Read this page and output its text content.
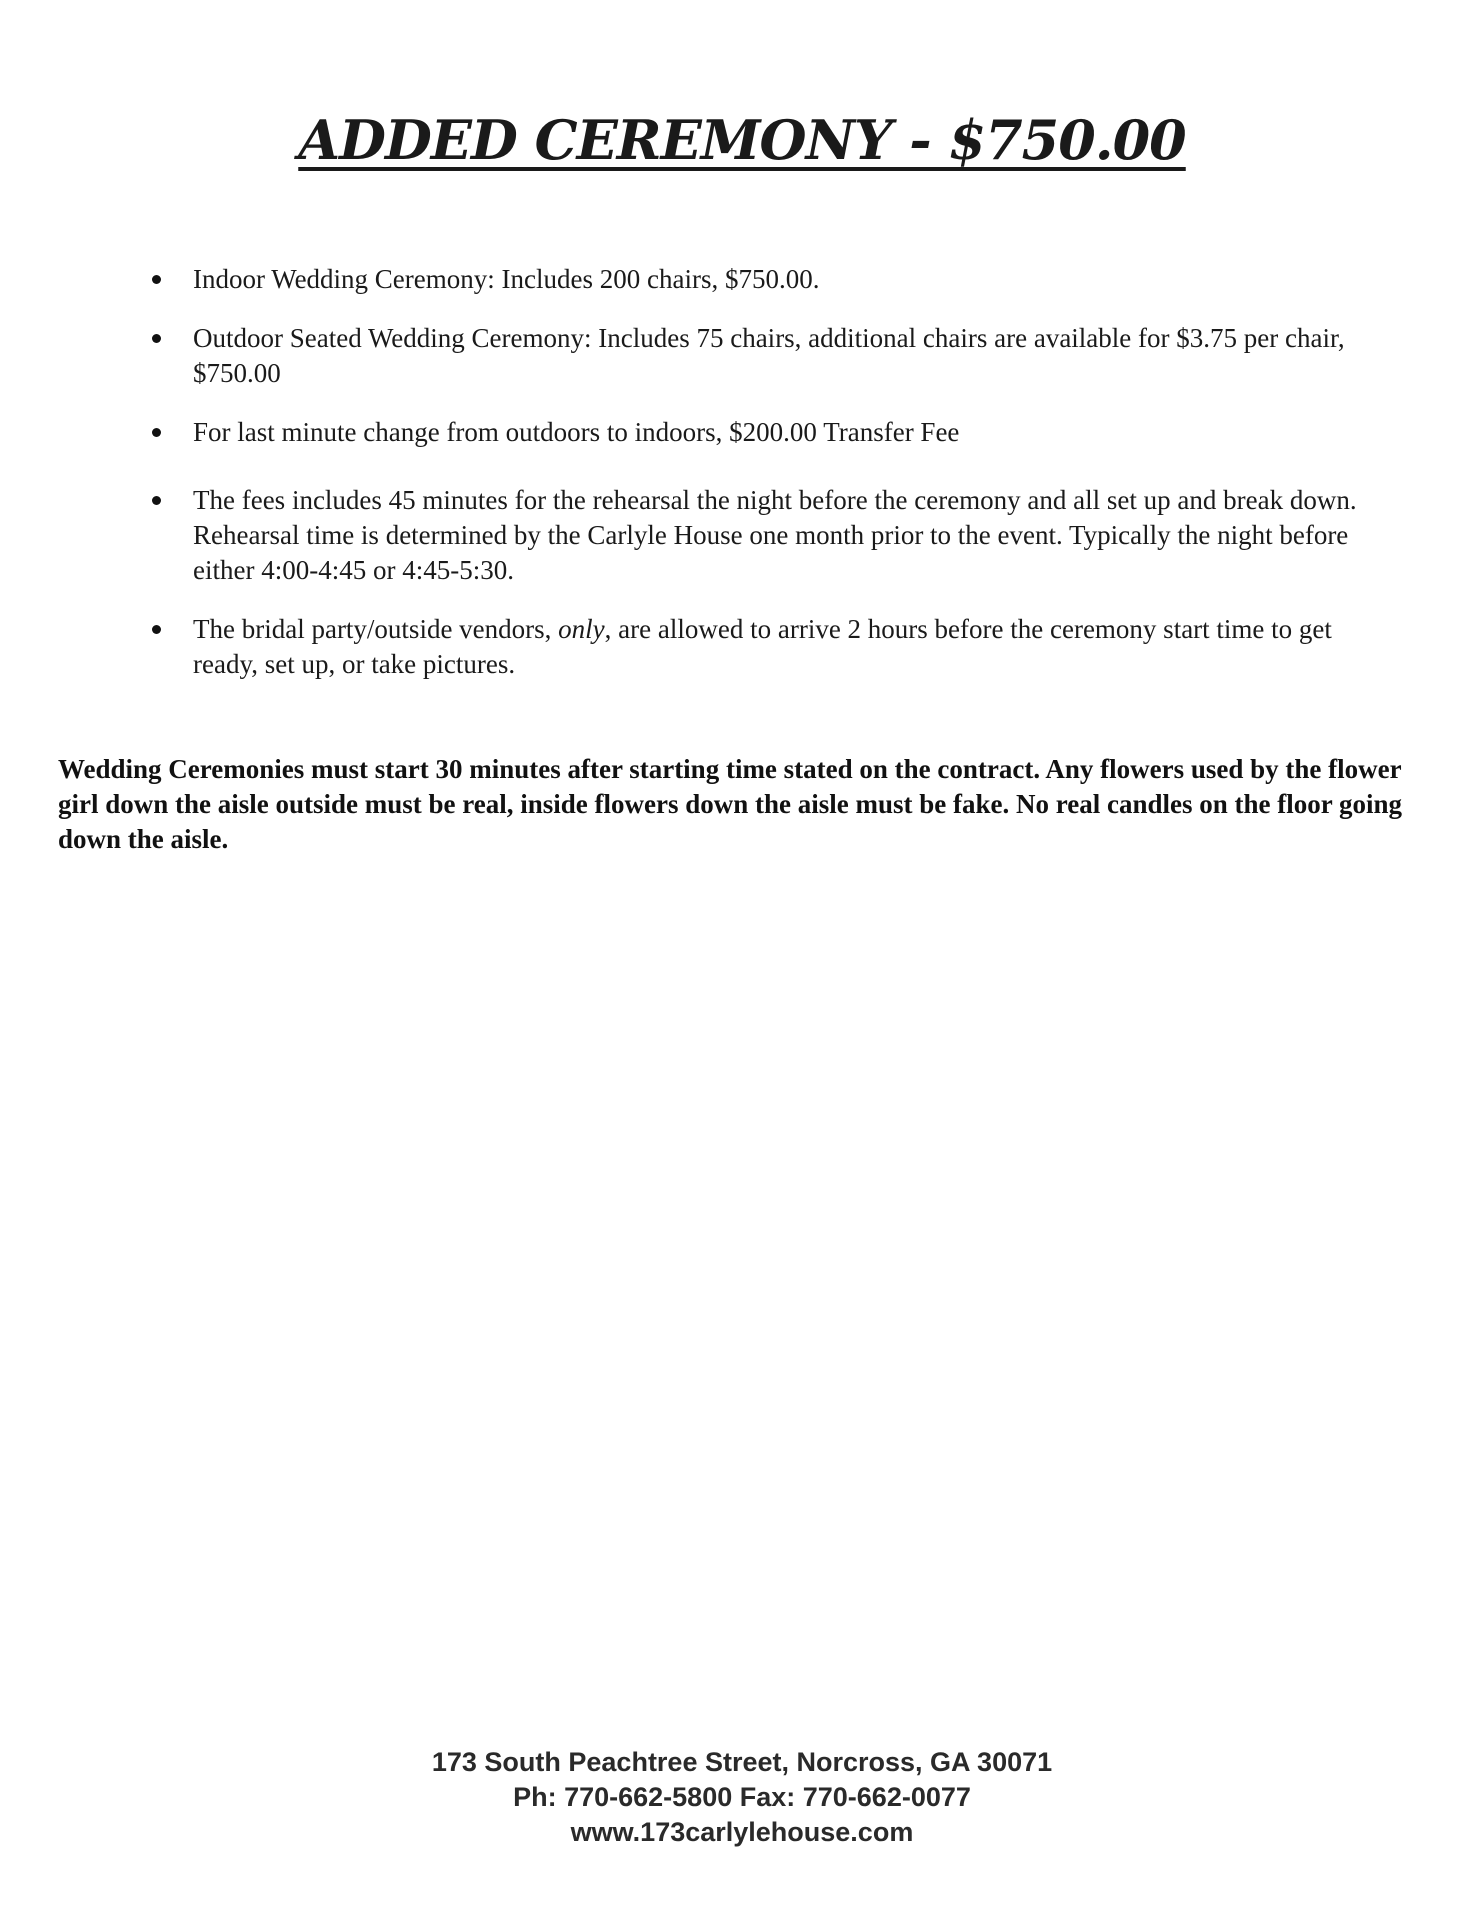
ADDED CEREMONY - $750.00
Indoor Wedding Ceremony: Includes 200 chairs, $750.00.
Outdoor Seated Wedding Ceremony: Includes 75 chairs, additional chairs are available for $3.75 per chair, $750.00
For last minute change from outdoors to indoors, $200.00 Transfer Fee
The fees includes 45 minutes for the rehearsal the night before the ceremony and all set up and break down. Rehearsal time is determined by the Carlyle House one month prior to the event. Typically the night before either 4:00-4:45 or 4:45-5:30.
The bridal party/outside vendors, only, are allowed to arrive 2 hours before the ceremony start time to get ready, set up, or take pictures.
Wedding Ceremonies must start 30 minutes after starting time stated on the contract. Any flowers used by the flower girl down the aisle outside must be real, inside flowers down the aisle must be fake. No real candles on the floor going down the aisle.
173 South Peachtree Street, Norcross, GA 30071
Ph: 770-662-5800 Fax: 770-662-0077
www.173carlylehouse.com
